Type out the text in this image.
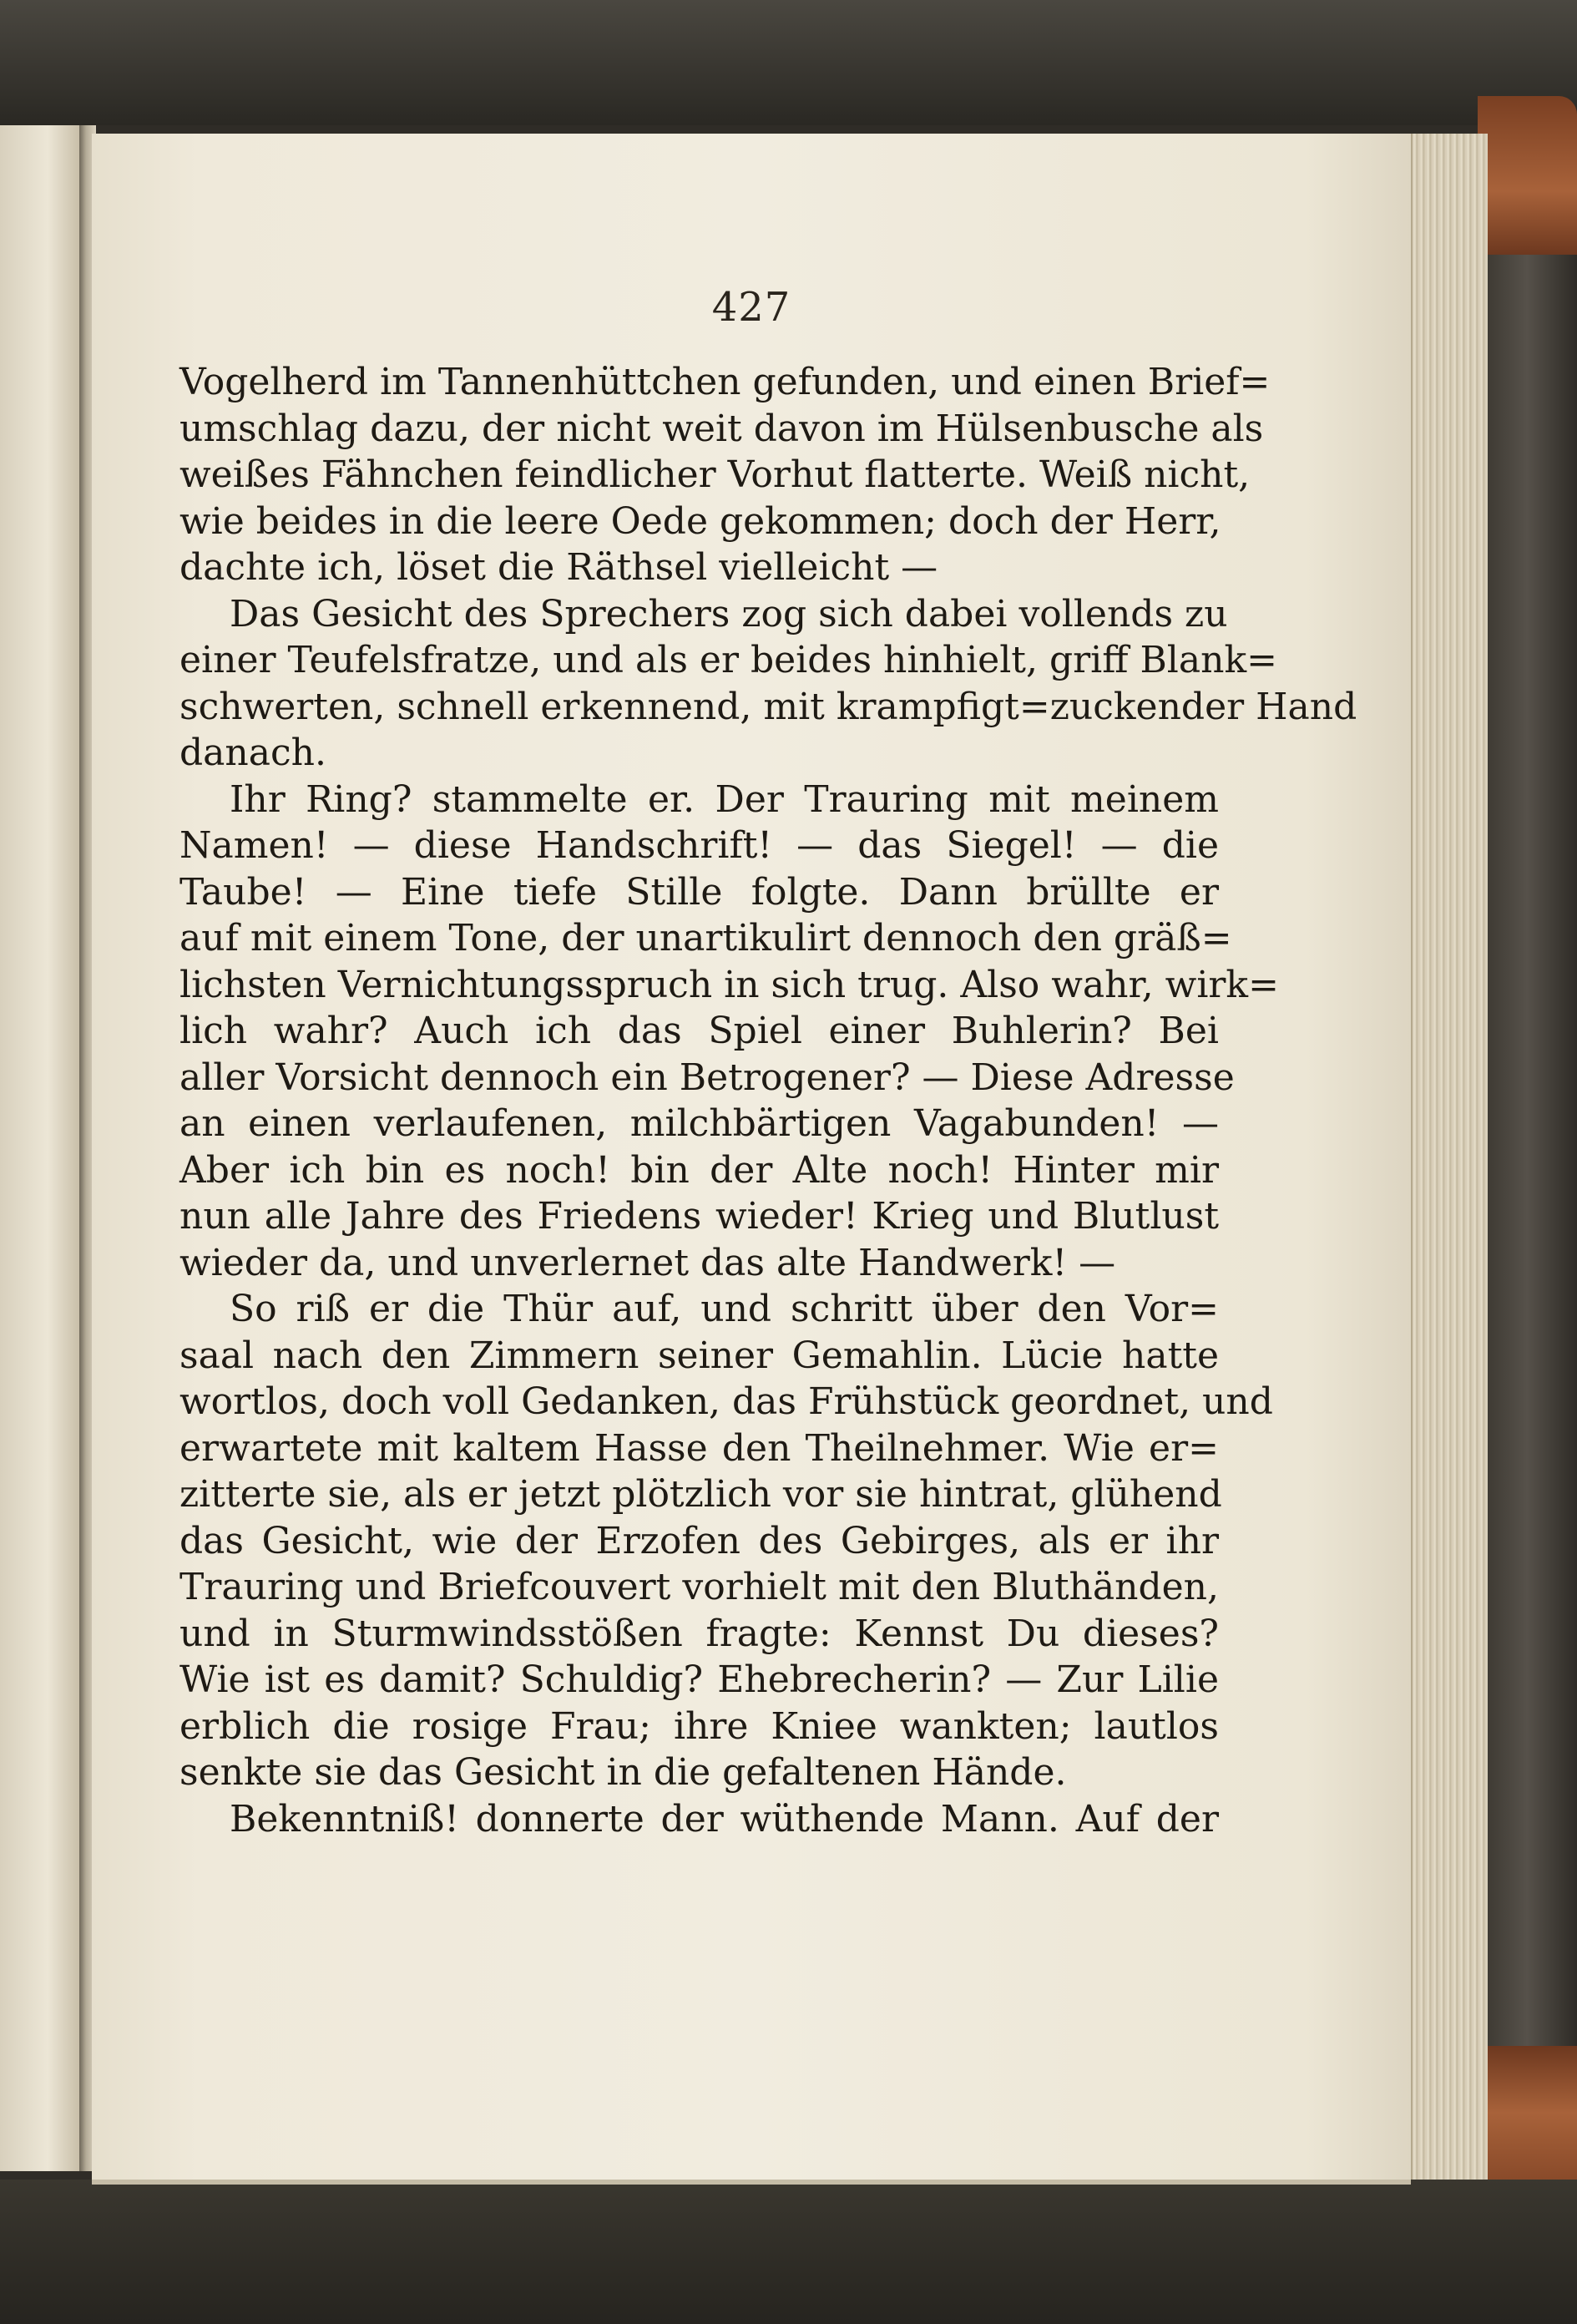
427
Vogelherd im Tannenhüttchen gefunden, und einen Brief=
umschlag dazu, der nicht weit davon im Hülsenbusche als
weißes Fähnchen feindlicher Vorhut flatterte. Weiß nicht,
wie beides in die leere Oede gekommen; doch der Herr,
dachte ich, löset die Räthsel vielleicht —
Das Gesicht des Sprechers zog sich dabei vollends zu
einer Teufelsfratze, und als er beides hinhielt, griff Blank=
schwerten, schnell erkennend, mit krampfigt=zuckender Hand
danach.
Ihr Ring? stammelte er. Der Trauring mit meinem
Namen! — diese Handschrift! — das Siegel! — die
Taube! — Eine tiefe Stille folgte. Dann brüllte er
auf mit einem Tone, der unartikulirt dennoch den gräß=
lichsten Vernichtungsspruch in sich trug. Also wahr, wirk=
lich wahr? Auch ich das Spiel einer Buhlerin? Bei
aller Vorsicht dennoch ein Betrogener? — Diese Adresse
an einen verlaufenen, milchbärtigen Vagabunden! —
Aber ich bin es noch! bin der Alte noch! Hinter mir
nun alle Jahre des Friedens wieder! Krieg und Blutlust
wieder da, und unverlernet das alte Handwerk! —
So riß er die Thür auf, und schritt über den Vor=
saal nach den Zimmern seiner Gemahlin. Lücie hatte
wortlos, doch voll Gedanken, das Frühstück geordnet, und
erwartete mit kaltem Hasse den Theilnehmer. Wie er=
zitterte sie, als er jetzt plötzlich vor sie hintrat, glühend
das Gesicht, wie der Erzofen des Gebirges, als er ihr
Trauring und Briefcouvert vorhielt mit den Bluthänden,
und in Sturmwindsstößen fragte: Kennst Du dieses?
Wie ist es damit? Schuldig? Ehebrecherin? — Zur Lilie
erblich die rosige Frau; ihre Kniee wankten; lautlos
senkte sie das Gesicht in die gefaltenen Hände.
Bekenntniß! donnerte der wüthende Mann. Auf der
